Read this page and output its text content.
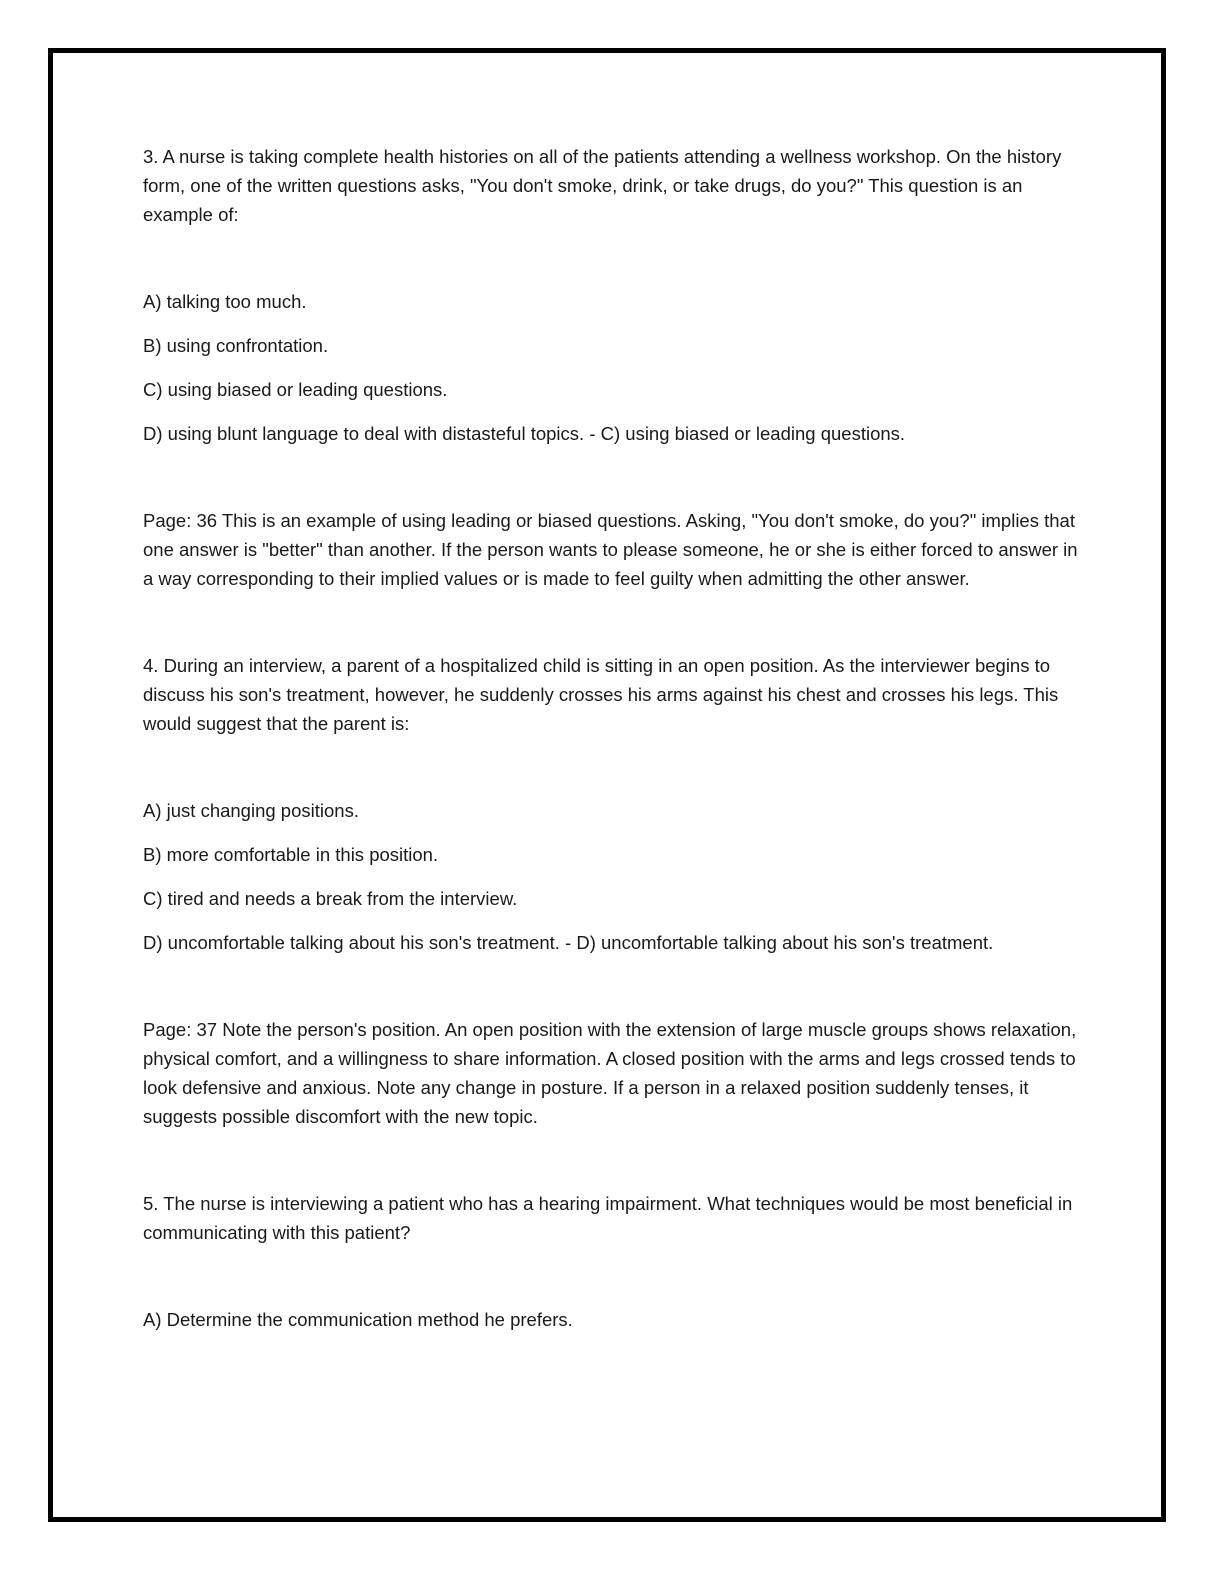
3. A nurse is taking complete health histories on all of the patients attending a wellness workshop. On the history form, one of the written questions asks, "You don't smoke, drink, or take drugs, do you?" This question is an example of:

A) talking too much.

B) using confrontation.

C) using biased or leading questions.

D) using blunt language to deal with distasteful topics. - C) using biased or leading questions.

Page: 36 This is an example of using leading or biased questions. Asking, "You don't smoke, do you?" implies that one answer is "better" than another. If the person wants to please someone, he or she is either forced to answer in a way corresponding to their implied values or is made to feel guilty when admitting the other answer.

4. During an interview, a parent of a hospitalized child is sitting in an open position. As the interviewer begins to discuss his son's treatment, however, he suddenly crosses his arms against his chest and crosses his legs. This would suggest that the parent is:

A) just changing positions.

B) more comfortable in this position.

C) tired and needs a break from the interview.

D) uncomfortable talking about his son's treatment. - D) uncomfortable talking about his son's treatment.

Page: 37 Note the person's position. An open position with the extension of large muscle groups shows relaxation, physical comfort, and a willingness to share information. A closed position with the arms and legs crossed tends to look defensive and anxious. Note any change in posture. If a person in a relaxed position suddenly tenses, it suggests possible discomfort with the new topic.

5. The nurse is interviewing a patient who has a hearing impairment. What techniques would be most beneficial in communicating with this patient?

A) Determine the communication method he prefers.
